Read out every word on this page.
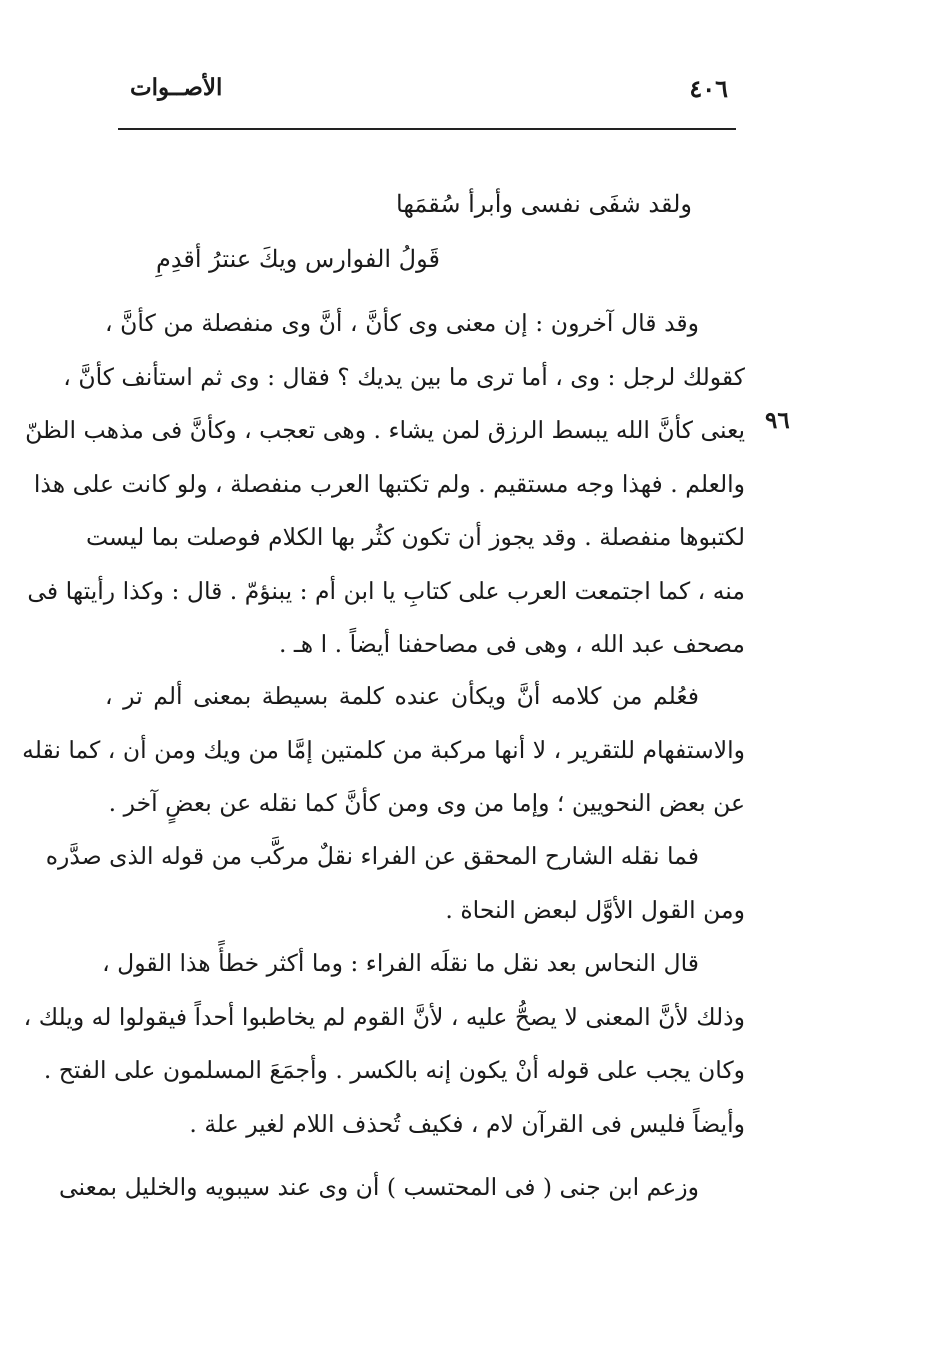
الأصــوات	٤٠٦
ولقد شفَى نفسى وأبرأ سُقمَها
قَولُ الفوارس ويكَ عنترُ أقدِمِ
٩٦
وقد قال آخرون : إن معنى وى كأنَّ ، أنَّ وى منفصلة من كأنَّ ،
كقولك لرجل : وى ، أما ترى ما بين يديك ؟ فقال : وى ثم استأنف كأنَّ ،
يعنى كأنَّ الله يبسط الرزق لمن يشاء . وهى تعجب ، وكأنَّ فى مذهب الظنّ
والعلم . فهذا وجه مستقيم . ولم تكتبها العرب منفصلة ، ولو كانت على هذا
لكتبوها منفصلة . وقد يجوز أن تكون كثُر بها الكلام فوصلت بما ليست
منه ، كما اجتمعت العرب على كتابِ يا ابن أم : يبنؤمّ . قال : وكذا رأيتها فى
مصحف عبد الله ، وهى فى مصاحفنا أيضاً . ا هـ .
فعُلم من كلامه أنَّ ويكأن عنده كلمة بسيطة بمعنى ألم تر ،
والاستفهام للتقرير ، لا أنها مركبة من كلمتين إمَّا من ويك ومن أن ، كما نقله
عن بعض النحويين ؛ وإما من وى ومن كأنَّ كما نقله عن بعضٍ آخر .
فما نقله الشارح المحقق عن الفراء نقلٌ مركَّب من قوله الذى صدَّره
ومن القول الأوَّل لبعض النحاة .
قال النحاس بعد نقل ما نقلَه الفراء : وما أكثر خطأً هذا القول ،
وذلك لأنَّ المعنى لا يصحُّ عليه ، لأنَّ القوم لم يخاطبوا أحداً فيقولوا له ويلك ،
وكان يجب على قوله أنْ يكون إنه بالكسر . وأجمَعَ المسلمون على الفتح .
وأيضاً فليس فى القرآن لام ، فكيف تُحذف اللام لغير علة .
وزعم ابن جنى ( فى المحتسب ) أن وى عند سيبويه والخليل بمعنى
